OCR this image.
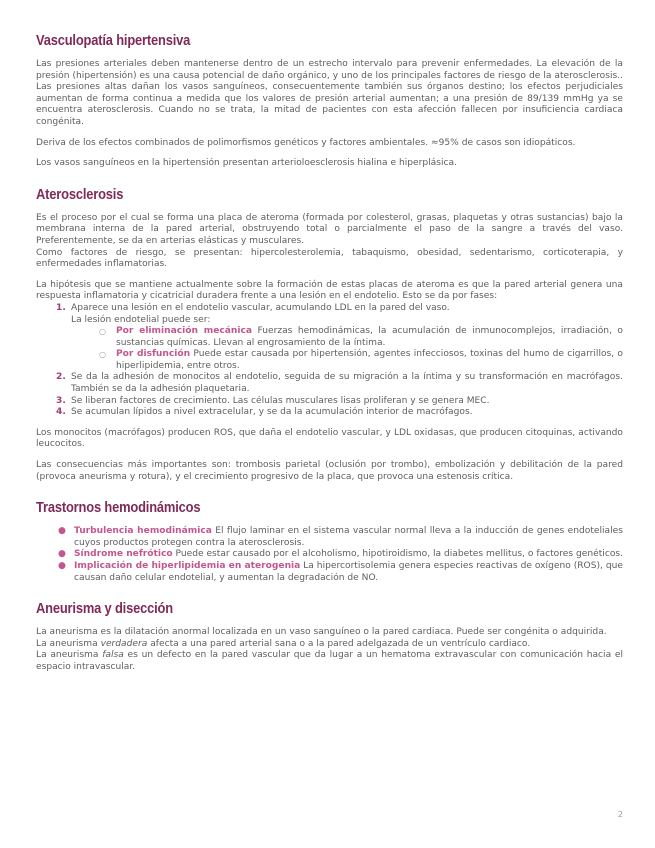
Vasculopatía hipertensiva

Las presiones arteriales deben mantenerse dentro de un estrecho intervalo para prevenir enfermedades. La elevación de la presión (hipertensión) es una causa potencial de daño orgánico, y uno de los principales factores de riesgo de la aterosclerosis.. Las presiones altas dañan los vasos sanguíneos, consecuentemente también sus órganos destino; los efectos perjudiciales aumentan de forma continua a medida que los valores de presión arterial aumentan; a una presión de 89/139 mmHg ya se encuentra aterosclerosis. Cuando no se trata, la mitad de pacientes con esta afección fallecen por insuficiencia cardiaca congénita.

Deriva de los efectos combinados de polimorfismos genéticos y factores ambientales. ≈95% de casos son idiopáticos.

Los vasos sanguíneos en la hipertensión presentan arterioloesclerosis hialina e hiperplásica.

Aterosclerosis

Es el proceso por el cual se forma una placa de ateroma (formada por colesterol, grasas, plaquetas y otras sustancias) bajo la membrana interna de la pared arterial, obstruyendo total o parcialmente el paso de la sangre a través del vaso. Preferentemente, se da en arterias elásticas y musculares.

Como factores de riesgo, se presentan: hipercolesterolemia, tabaquismo, obesidad, sedentarismo, corticoterapia, y enfermedades inflamatorias.

La hipótesis que se mantiene actualmente sobre la formación de estas placas de ateroma es que la pared arterial genera una respuesta inflamatoria y cicatricial duradera frente a una lesión en el endotelio. Esto se da por fases:

1. Aparece una lesión en el endotelio vascular, acumulando LDL en la pared del vaso.
La lesión endotelial puede ser:
○ Por eliminación mecánica Fuerzas hemodinámicas, la acumulación de inmunocomplejos, irradiación, o sustancias químicas. Llevan al engrosamiento de la íntima.
○ Por disfunción Puede estar causada por hipertensión, agentes infecciosos, toxinas del humo de cigarrillos, o hiperlipidemia, entre otros.
2. Se da la adhesión de monocitos al endotelio, seguida de su migración a la íntima y su transformación en macrófagos. También se da la adhesión plaquetaria.
3. Se liberan factores de crecimiento. Las células musculares lisas proliferan y se genera MEC.
4. Se acumulan lípidos a nivel extracelular, y se da la acumulación interior de macrófagos.

Los monocitos (macrófagos) producen ROS, que daña el endotelio vascular, y LDL oxidasas, que producen citoquinas, activando leucocitos.

Las consecuencias más importantes son: trombosis parietal (oclusión por trombo), embolización y debilitación de la pared (provoca aneurisma y rotura), y el crecimiento progresivo de la placa, que provoca una estenosis crítica.

Trastornos hemodinámicos
● Turbulencia hemodinámica El flujo laminar en el sistema vascular normal lleva a la inducción de genes endoteliales cuyos productos protegen contra la aterosclerosis.
● Síndrome nefrótico Puede estar causado por el alcoholismo, hipotiroidismo, la diabetes mellitus, o factores genéticos.
● Implicación de hiperlipidemia en aterogenia La hipercortisolemia genera especies reactivas de oxígeno (ROS), que causan daño celular endotelial, y aumentan la degradación de NO.
Aneurisma y disección

La aneurisma es la dilatación anormal localizada en un vaso sanguíneo o la pared cardiaca. Puede ser congénita o adquirida.

La aneurisma verdadera afecta a una pared arterial sana o a la pared adelgazada de un ventrículo cardiaco.

La aneurisma falsa es un defecto en la pared vascular que da lugar a un hematoma extravascular con comunicación hacia el espacio intravascular.

2
